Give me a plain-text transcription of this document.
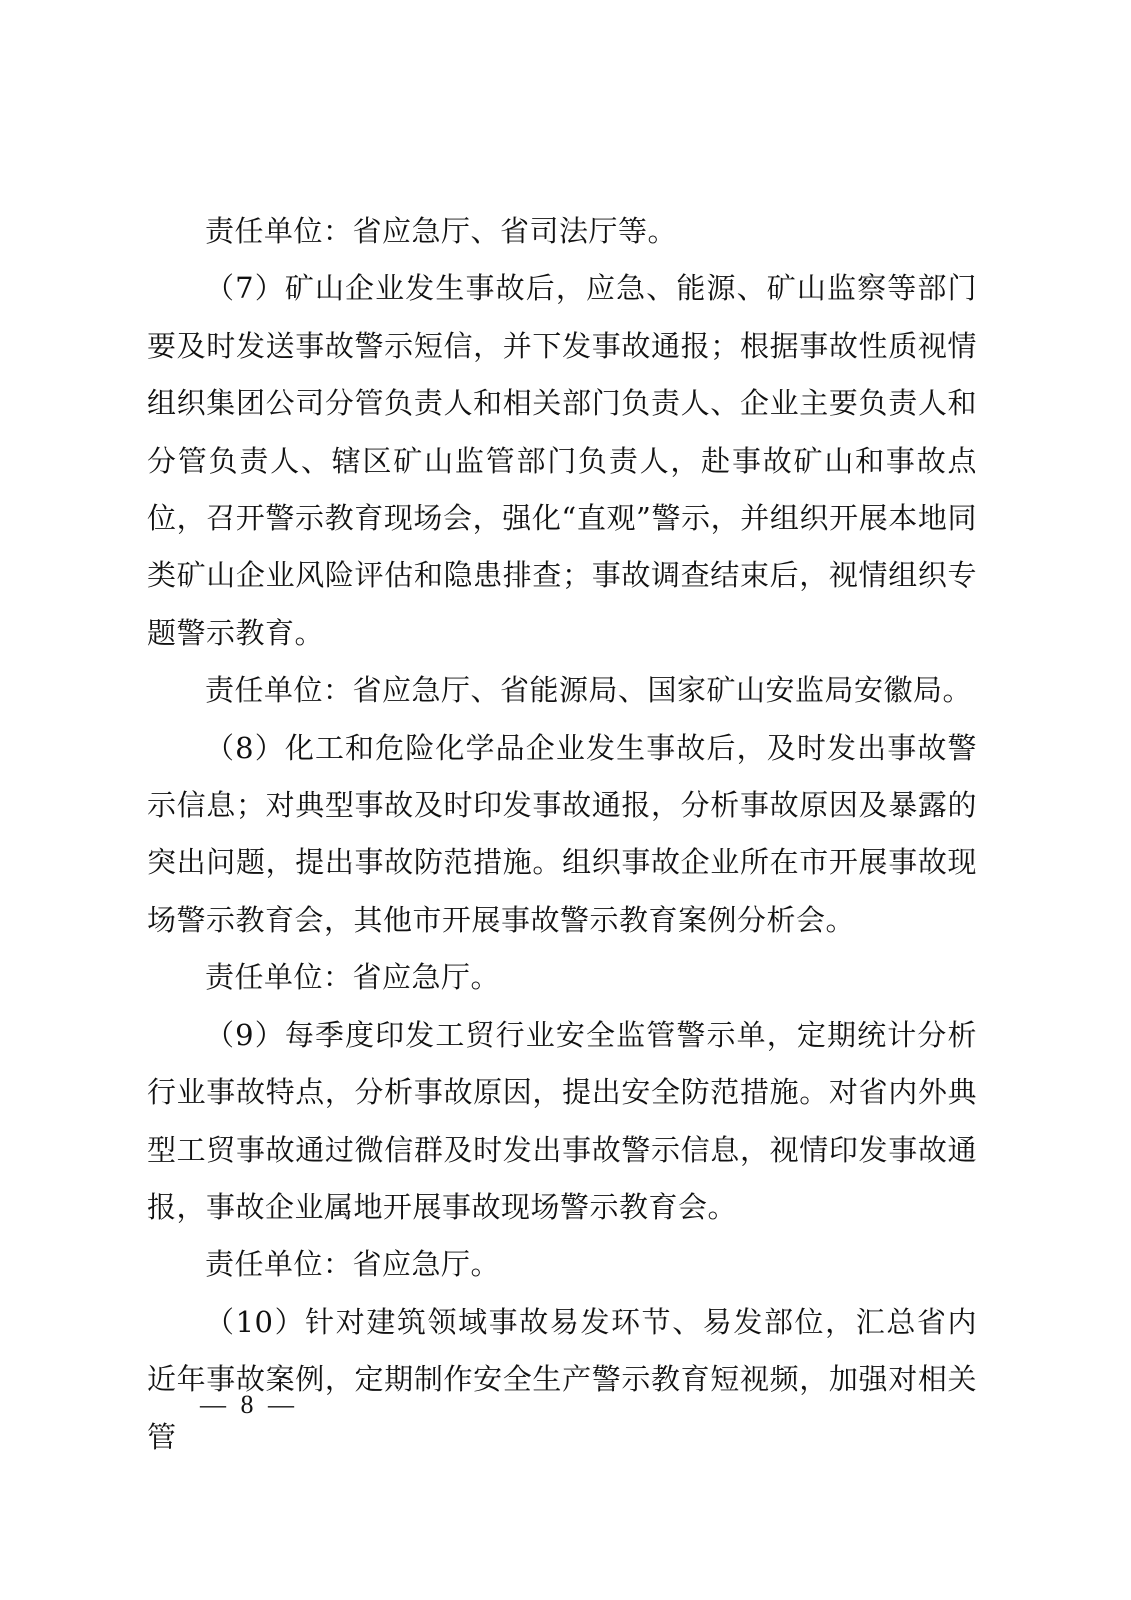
责任单位：省应急厅、省司法厅等。

（7）矿山企业发生事故后，应急、能源、矿山监察等部门要及时发送事故警示短信，并下发事故通报；根据事故性质视情组织集团公司分管负责人和相关部门负责人、企业主要负责人和分管负责人、辖区矿山监管部门负责人，赴事故矿山和事故点位，召开警示教育现场会，强化“直观”警示，并组织开展本地同类矿山企业风险评估和隐患排查；事故调查结束后，视情组织专题警示教育。

责任单位：省应急厅、省能源局、国家矿山安监局安徽局。

（8）化工和危险化学品企业发生事故后，及时发出事故警示信息；对典型事故及时印发事故通报，分析事故原因及暴露的突出问题，提出事故防范措施。组织事故企业所在市开展事故现场警示教育会，其他市开展事故警示教育案例分析会。

责任单位：省应急厅。

（9）每季度印发工贸行业安全监管警示单，定期统计分析行业事故特点，分析事故原因，提出安全防范措施。对省内外典型工贸事故通过微信群及时发出事故警示信息，视情印发事故通报，事故企业属地开展事故现场警示教育会。

责任单位：省应急厅。

（10）针对建筑领域事故易发环节、易发部位，汇总省内近年事故案例，定期制作安全生产警示教育短视频，加强对相关管

— 8 —
